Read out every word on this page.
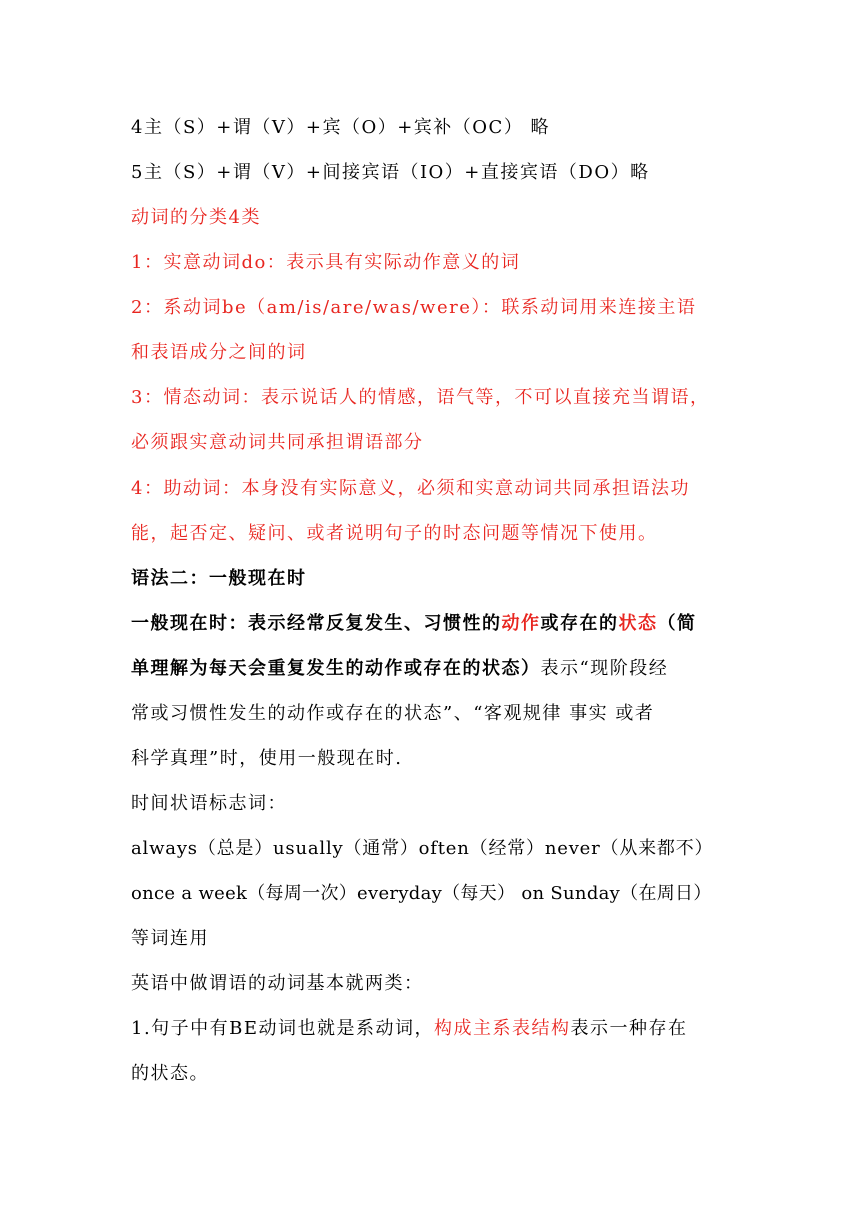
4主（S）+谓（V）+宾（O）+宾补（OC） 略
5主（S）+谓（V）+间接宾语（IO）+直接宾语（DO）略
动词的分类4类
1：实意动词do：表示具有实际动作意义的词
2：系动词be（am/is/are/was/were）：联系动词用来连接主语
和表语成分之间的词
3：情态动词：表示说话人的情感，语气等，不可以直接充当谓语，
必须跟实意动词共同承担谓语部分
4：助动词：本身没有实际意义，必须和实意动词共同承担语法功
能，起否定、疑问、或者说明句子的时态问题等情况下使用。
语法二：一般现在时
一般现在时：表示经常反复发生、习惯性的动作或存在的状态（简
单理解为每天会重复发生的动作或存在的状态）表示“现阶段经
常或习惯性发生的动作或存在的状态”、“客观规律 事实 或者
科学真理”时，使用一般现在时.
时间状语标志词：
always（总是）usually（通常）often（经常）never（从来都不）
once a week（每周一次）everyday（每天） on Sunday（在周日）
等词连用
英语中做谓语的动词基本就两类：
1.句子中有BE动词也就是系动词，构成主系表结构表示一种存在
的状态。
